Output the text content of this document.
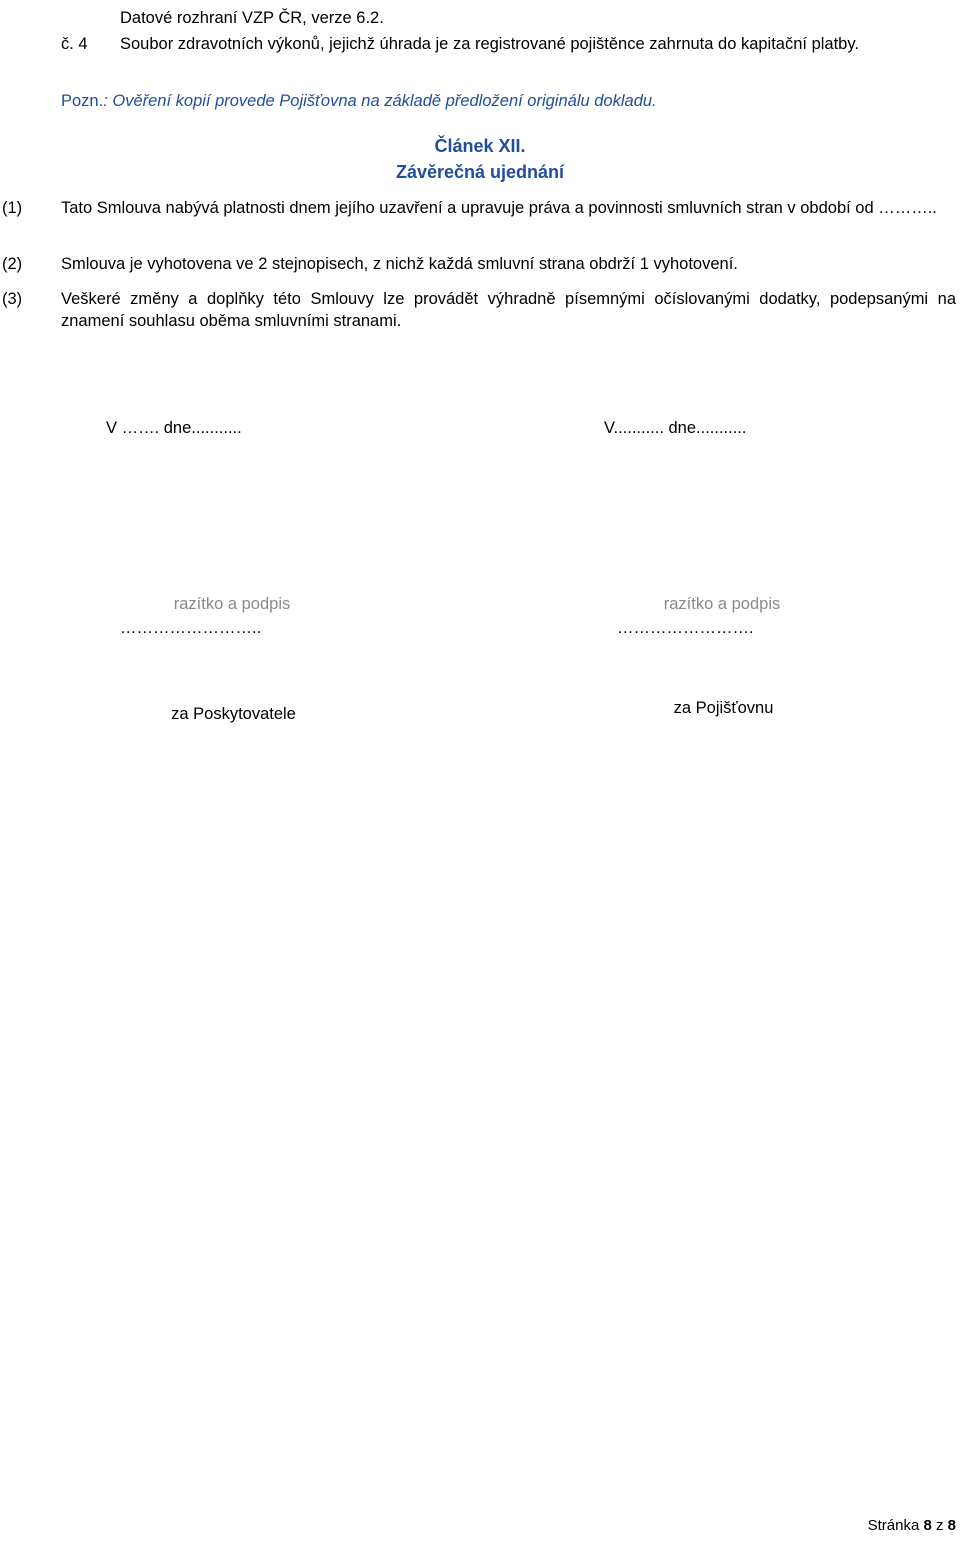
Datové rozhraní VZP ČR, verze 6.2.
č. 4	Soubor zdravotních výkonů, jejichž úhrada je za registrované pojištěnce zahrnuta do kapitační platby.
Pozn.: Ověření kopií provede Pojišťovna na základě předložení originálu dokladu.
Článek XII.
Závěrečná ujednání
(1)	Tato Smlouva nabývá platnosti dnem jejího uzavření a upravuje práva a povinnosti smluvních stran v období od ………..
(2)	Smlouva je vyhotovena ve 2 stejnopisech, z nichž každá smluvní strana obdrží 1 vyhotovení.
(3)	Veškeré změny a doplňky této Smlouvy lze provádět výhradně písemnými očíslovanými dodatky, podepsanými na znamení souhlasu oběma smluvními stranami.
V ……. dne...........
razítko a podpis
……………………..
za Poskytovatele
V........... dne...........
razítko a podpis
…………………….
za Pojišťovnu
Stránka 8 z 8
